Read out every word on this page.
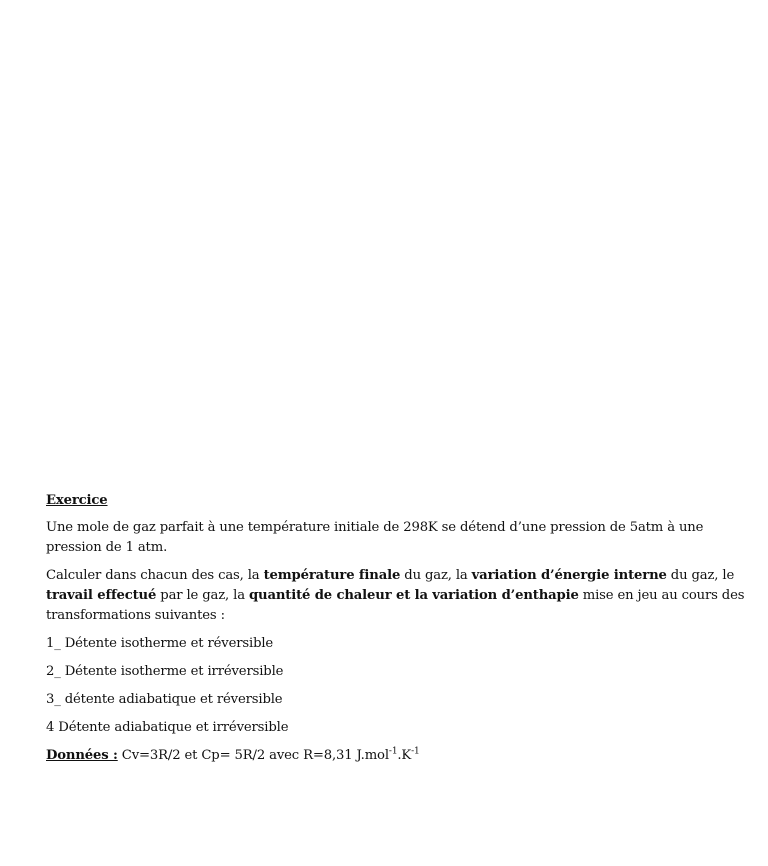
Exercice

Une mole de gaz parfait à une température initiale de 298K se détend d’une pression de 5atm à une pression de 1 atm.

Calculer dans chacun des cas, la température finale du gaz, la variation d’énergie interne du gaz, le travail effectué par le gaz, la quantité de chaleur et la variation d’enthapie mise en jeu au cours des transformations suivantes :

1_ Détente isotherme et réversible
2_ Détente isotherme et irréversible
3_ détente adiabatique et réversible
4 Détente adiabatique et irréversible

Données : Cv=3R/2 et Cp= 5R/2 avec R=8,31 $J.mol^{-1}.K^{-1}$
